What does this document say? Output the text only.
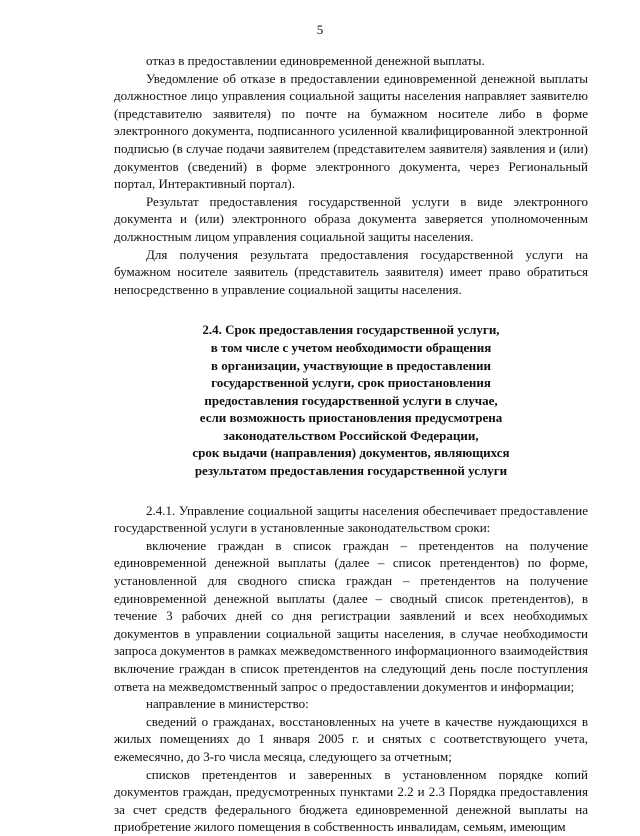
5

отказ в предоставлении единовременной денежной выплаты.

Уведомление об отказе в предоставлении единовременной денежной выплаты должностное лицо управления социальной защиты населения направляет заявителю (представителю заявителя) по почте на бумажном носителе либо в форме электронного документа, подписанного усиленной квалифицированной электронной подписью (в случае подачи заявителем (представителем заявителя) заявления и (или) документов (сведений) в форме электронного документа, через Региональный портал, Интерактивный портал).

Результат предоставления государственной услуги в виде электронного документа и (или) электронного образа документа заверяется уполномоченным должностным лицом управления социальной защиты населения.

Для получения результата предоставления государственной услуги на бумажном носителе заявитель (представитель заявителя) имеет право обратиться непосредственно в управление социальной защиты населения.

2.4. Срок предоставления государственной услуги,
в том числе с учетом необходимости обращения
в организации, участвующие в предоставлении
государственной услуги, срок приостановления
предоставления государственной услуги в случае,
если возможность приостановления предусмотрена
законодательством Российской Федерации,
срок выдачи (направления) документов, являющихся
результатом предоставления государственной услуги

2.4.1. Управление социальной защиты населения обеспечивает предоставление государственной услуги в установленные законодательством сроки:

включение граждан в список граждан – претендентов на получение единовременной денежной выплаты (далее – список претендентов) по форме, установленной для сводного списка граждан – претендентов на получение единовременной денежной выплаты (далее – сводный список претендентов), в течение 3 рабочих дней со дня регистрации заявлений и всех необходимых документов в управлении социальной защиты населения, в случае необходимости запроса документов в рамках межведомственного информационного взаимодействия включение граждан в список претендентов на следующий день после поступления ответа на межведомственный запрос о предоставлении документов и информации;

направление в министерство:

сведений о гражданах, восстановленных на учете в качестве нуждающихся в жилых помещениях до 1 января 2005 г. и снятых с соответствующего учета, ежемесячно, до 3-го числа месяца, следующего за отчетным;

списков претендентов и заверенных в установленном порядке копий документов граждан, предусмотренных пунктами 2.2 и 2.3 Порядка предоставления за счет средств федерального бюджета единовременной денежной выплаты на приобретение жилого помещения в собственность инвалидам, семьям, имеющим
